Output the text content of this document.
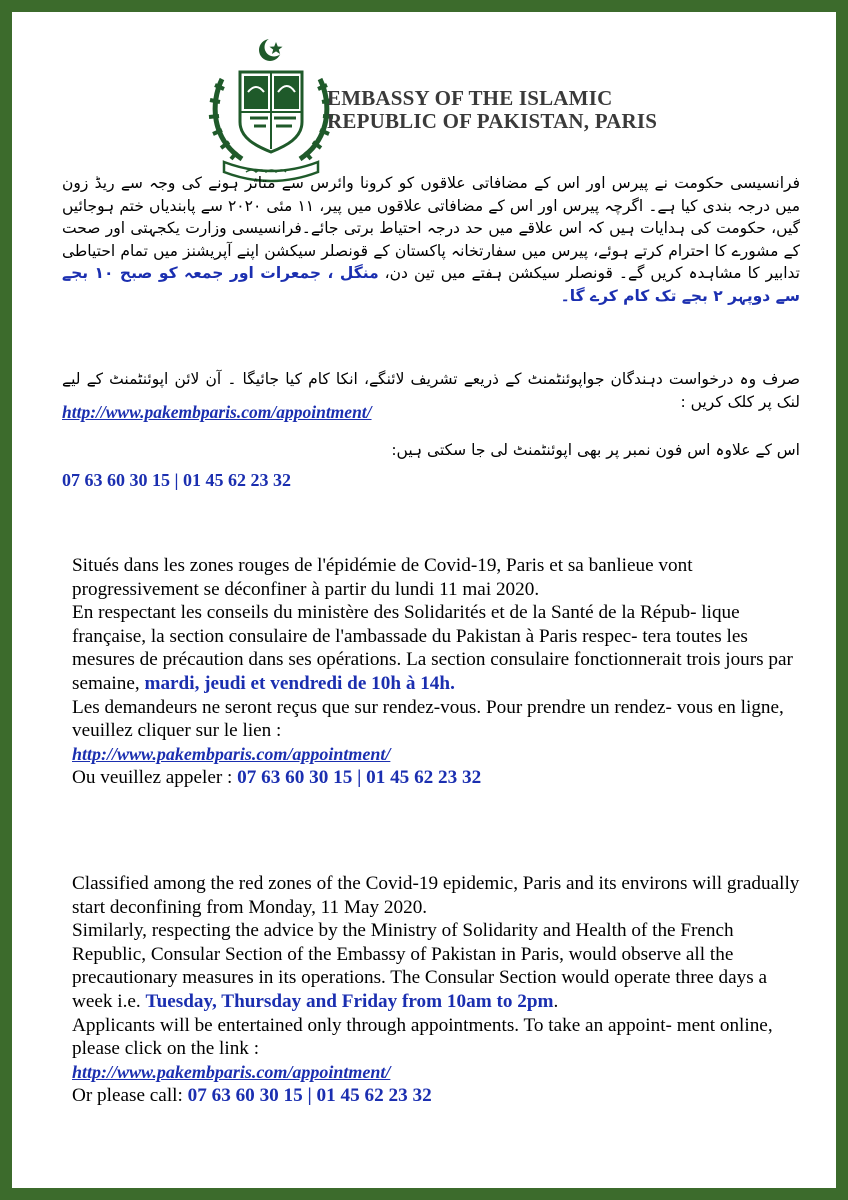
EMBASSY OF THE ISLAMIC
REPUBLIC OF PAKISTAN, PARIS
فرانسیسی حکومت نے پیرس اور اس کے مضافاتی علاقوں کو کرونا وائرس سے متاثر ہونے کی وجہ سے ریڈ زون میں درجہ بندی کیا ہے۔ اگرچہ پیرس اور اس کے مضافاتی علاقوں میں پیر، ۱۱ مئی ۲۰۲۰ سے پابندیاں ختم ہوجائیں گیں، حکومت کی ہدایات ہیں کہ اس علاقے میں حد درجہ احتیاط برتی جائے۔فرانسیسی وزارت یکجہتی اور صحت کے مشورے کا احترام کرتے ہوئے، پیرس میں سفارتخانہ پاکستان کے قونصلر سیکشن اپنے آپریشنز میں تمام احتیاطی تدابیر کا مشاہدہ کریں گے۔ قونصلر سیکشن ہفتے میں تین دن، منگل ، جمعرات اور جمعہ کو صبح ۱۰ بجے سے دوپہر ۲ بجے تک کام کرے گا۔
صرف وہ درخواست دہندگان جواپوئنٹمنٹ کے ذریعے تشریف لائنگے، انکا کام کیا جائیگا ۔ آن لائن اپوئنٹمنٹ کے لیے لنک پر کلک کریں :
http://www.pakembparis.com/appointment/
اس کے علاوہ اس فون نمبر پر بھی اپوئنٹمنٹ لی جا سکتی ہیں:
07 63 60 30 15 | 01 45 62 23 32

Situés dans les zones rouges de l'épidémie de Covid-19, Paris et sa banlieue vont progressivement se déconfiner à partir du lundi 11 mai 2020.

En respectant les conseils du ministère des Solidarités et de la Santé de la Répub- lique française, la section consulaire de l'ambassade du Pakistan à Paris respec- tera toutes les mesures de précaution dans ses opérations. La section consulaire fonctionnerait trois jours par semaine, mardi, jeudi et vendredi de 10h à 14h.

Les demandeurs ne seront reçus que sur rendez-vous. Pour prendre un rendez- vous en ligne, veuillez cliquer sur le lien :

http://www.pakembparis.com/appointment/

Ou veuillez appeler : 07 63 60 30 15 | 01 45 62 23 32

Classified among the red zones of the Covid-19 epidemic, Paris and its environs will gradually start deconfining from Monday, 11 May 2020.

Similarly, respecting the advice by the Ministry of Solidarity and Health of the French Republic, Consular Section of the Embassy of Pakistan in Paris, would observe all the precautionary measures in its operations. The Consular Section would operate three days a week i.e. Tuesday, Thursday and Friday from 10am to 2pm.

Applicants will be entertained only through appointments. To take an appoint- ment online, please click on the link :

http://www.pakembparis.com/appointment/

Or please call: 07 63 60 30 15 | 01 45 62 23 32
